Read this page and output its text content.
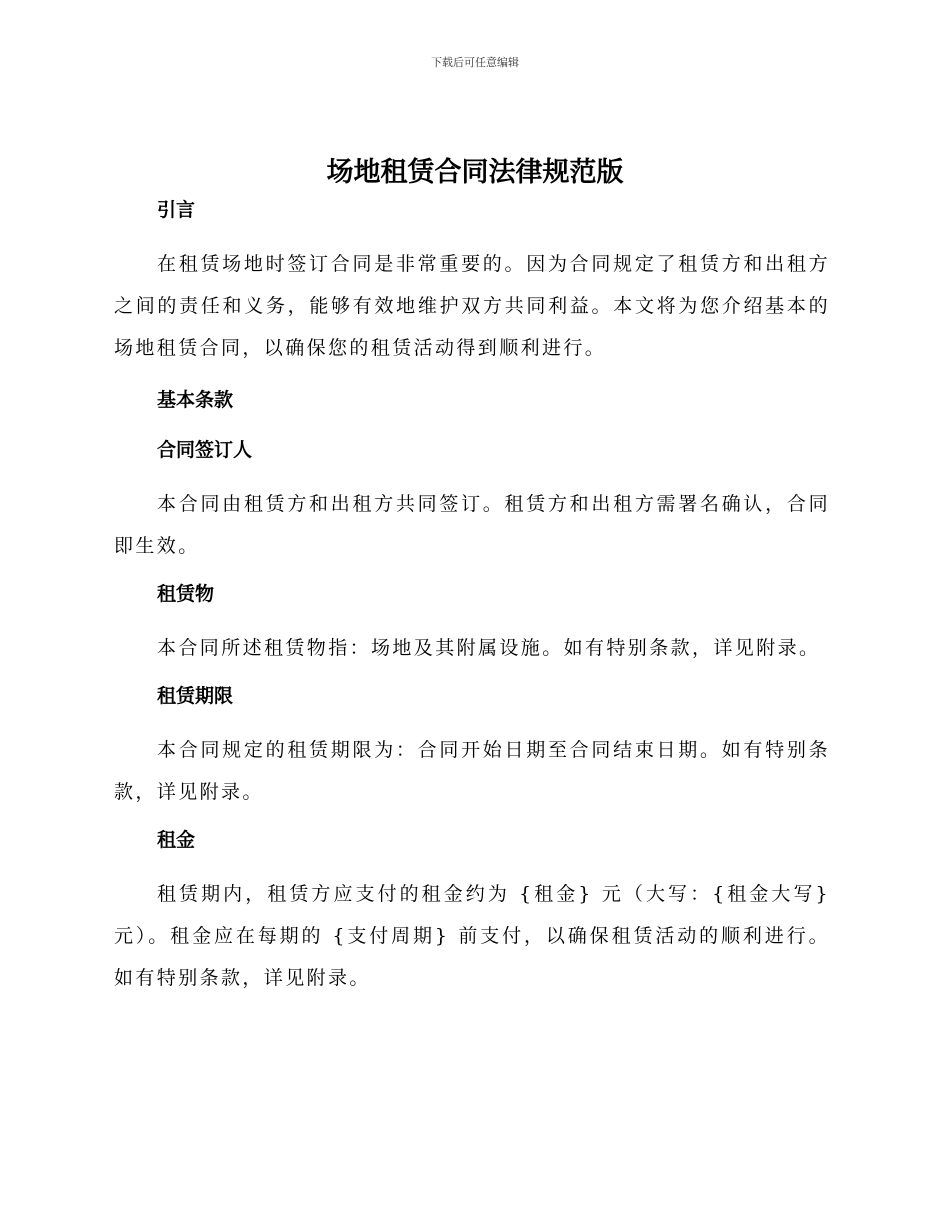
下载后可任意编辑
场地租赁合同法律规范版
引言

在租赁场地时签订合同是非常重要的。因为合同规定了租赁方和出租方之间的责任和义务，能够有效地维护双方共同利益。本文将为您介绍基本的场地租赁合同，以确保您的租赁活动得到顺利进行。

基本条款
合同签订人

本合同由租赁方和出租方共同签订。租赁方和出租方需署名确认，合同即生效。

租赁物

本合同所述租赁物指：场地及其附属设施。如有特别条款，详见附录。

租赁期限

本合同规定的租赁期限为：合同开始日期至合同结束日期。如有特别条款，详见附录。

租金

租赁期内，租赁方应支付的租金约为 {租金} 元（大写：{租金大写} 元）。租金应在每期的 {支付周期} 前支付，以确保租赁活动的顺利进行。如有特别条款，详见附录。
